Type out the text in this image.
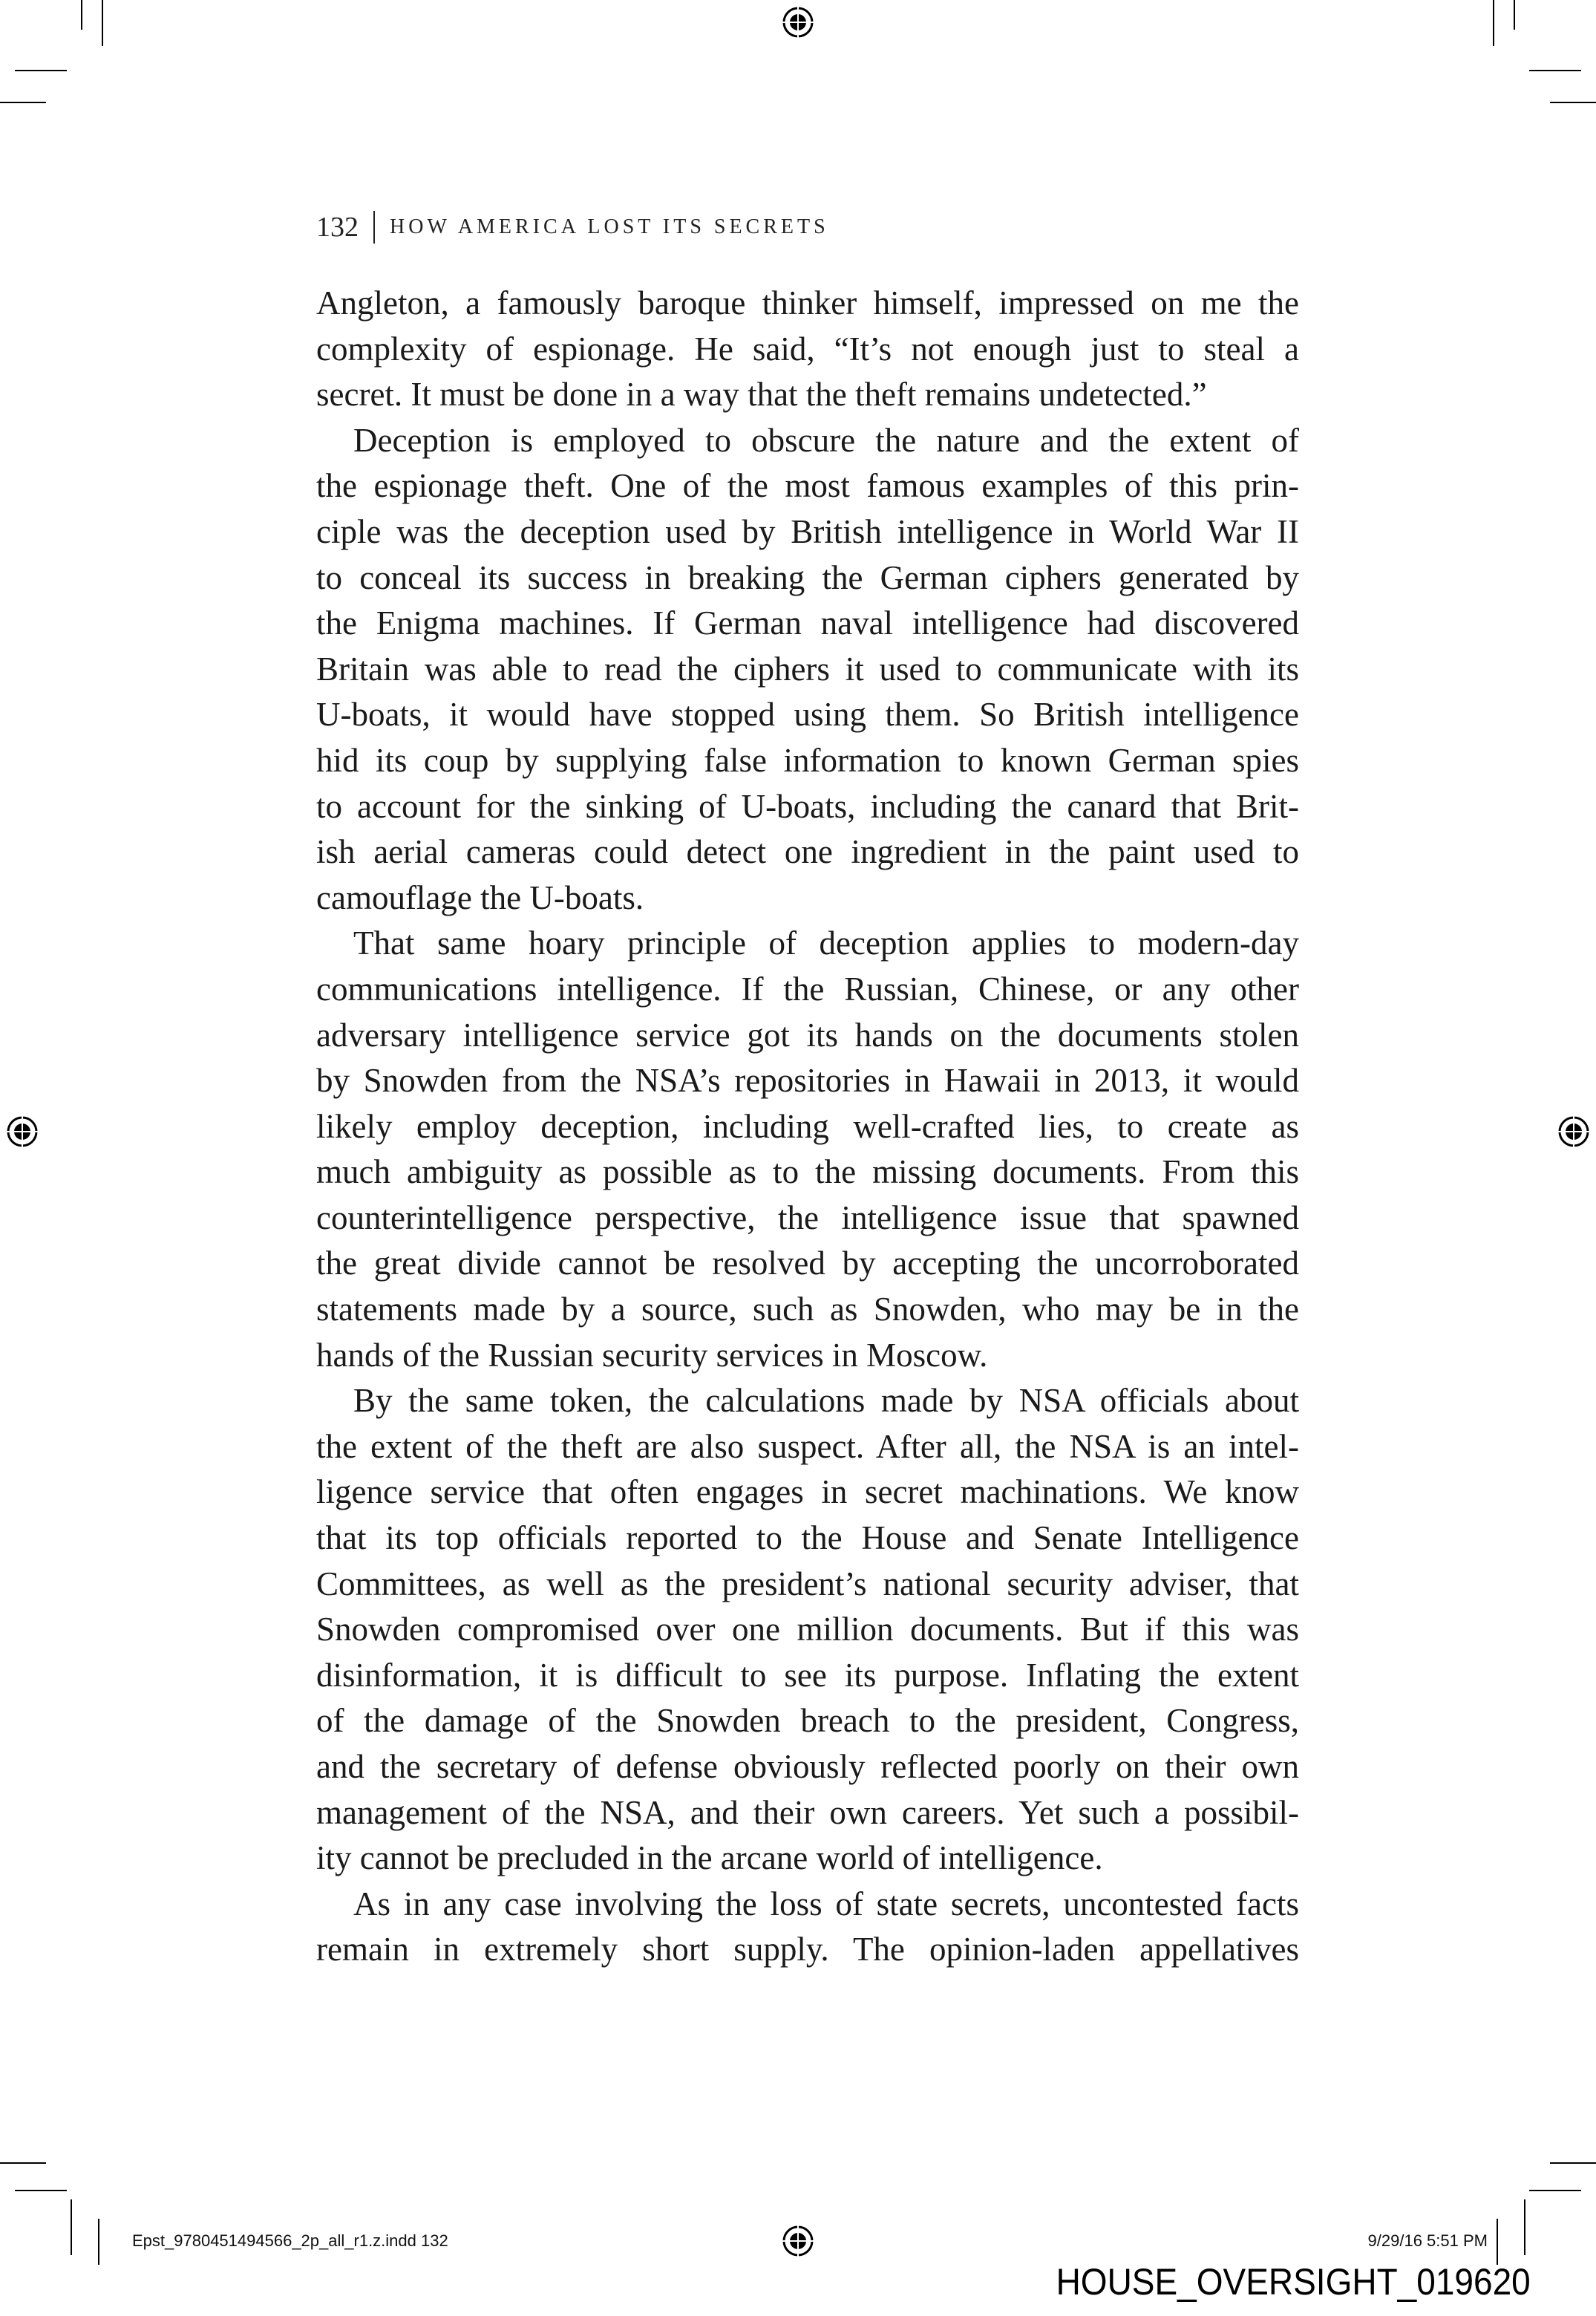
132 HOW AMERICA LOST ITS SECRETS
Angleton, a famously baroque thinker himself, impressed on me the
complexity of espionage. He said, “It’s not enough just to steal a
secret. It must be done in a way that the theft remains undetected.”
Deception is employed to obscure the nature and the extent of
the espionage theft. One of the most famous examples of this prin-
ciple was the deception used by British intelligence in World War II
to conceal its success in breaking the German ciphers generated by
the Enigma machines. If German naval intelligence had discovered
Britain was able to read the ciphers it used to communicate with its
U-boats, it would have stopped using them. So British intelligence
hid its coup by supplying false information to known German spies
to account for the sinking of U-boats, including the canard that Brit-
ish aerial cameras could detect one ingredient in the paint used to
camouflage the U-boats.
That same hoary principle of deception applies to modern-day
communications intelligence. If the Russian, Chinese, or any other
adversary intelligence service got its hands on the documents stolen
by Snowden from the NSA’s repositories in Hawaii in 2013, it would
likely employ deception, including well-crafted lies, to create as
much ambiguity as possible as to the missing documents. From this
counterintelligence perspective, the intelligence issue that spawned
the great divide cannot be resolved by accepting the uncorroborated
statements made by a source, such as Snowden, who may be in the
hands of the Russian security services in Moscow.
By the same token, the calculations made by NSA officials about
the extent of the theft are also suspect. After all, the NSA is an intel-
ligence service that often engages in secret machinations. We know
that its top officials reported to the House and Senate Intelligence
Committees, as well as the president’s national security adviser, that
Snowden compromised over one million documents. But if this was
disinformation, it is difficult to see its purpose. Inflating the extent
of the damage of the Snowden breach to the president, Congress,
and the secretary of defense obviously reflected poorly on their own
management of the NSA, and their own careers. Yet such a possibil-
ity cannot be precluded in the arcane world of intelligence.
As in any case involving the loss of state secrets, uncontested facts
remain in extremely short supply. The opinion-laden appellatives
Epst_9780451494566_2p_all_r1.z.indd 132	9/29/16 5:51 PM
HOUSE_OVERSIGHT_019620
